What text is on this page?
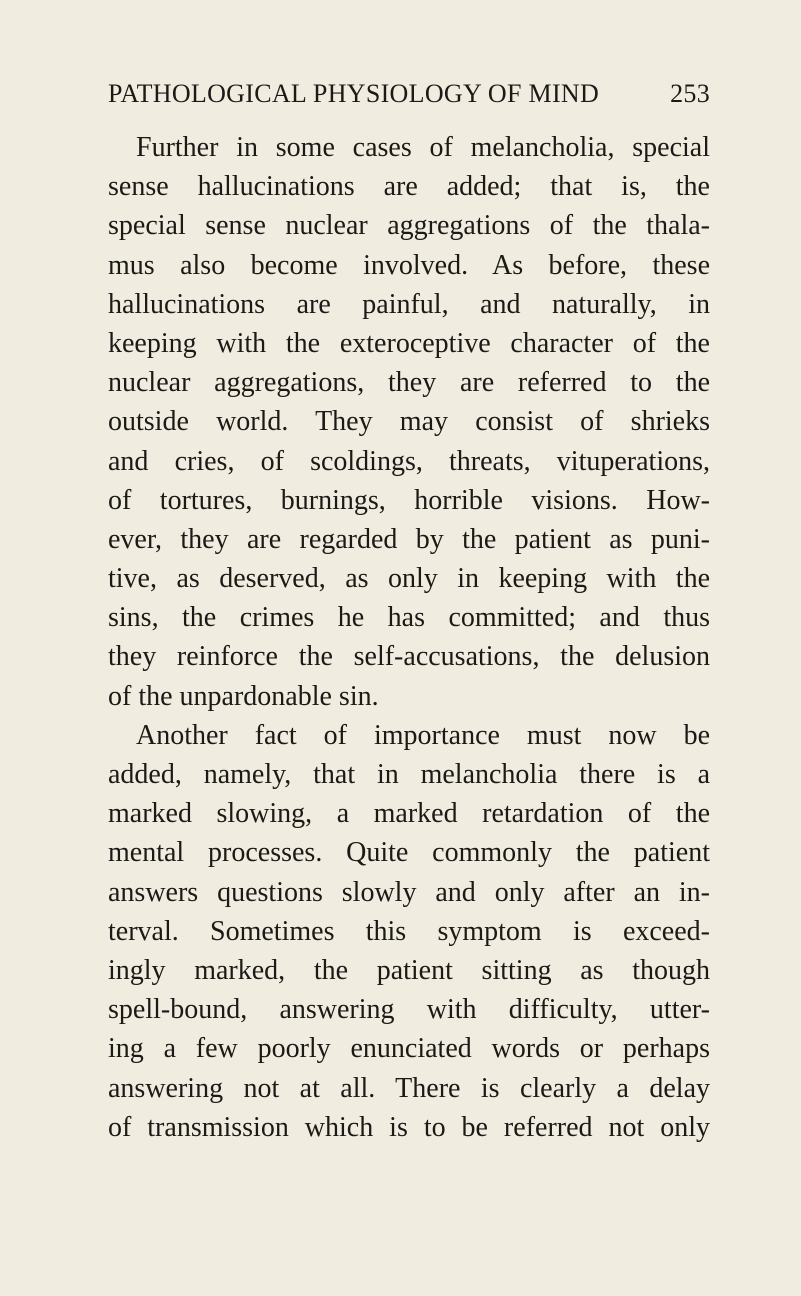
PATHOLOGICAL PHYSIOLOGY OF MIND	253
Further in some cases of melancholia, special
sense hallucinations are added; that is, the
special sense nuclear aggregations of the thala-
mus also become involved. As before, these
hallucinations are painful, and naturally, in
keeping with the exteroceptive character of the
nuclear aggregations, they are referred to the
outside world. They may consist of shrieks
and cries, of scoldings, threats, vituperations,
of tortures, burnings, horrible visions. How-
ever, they are regarded by the patient as puni-
tive, as deserved, as only in keeping with the
sins, the crimes he has committed; and thus
they reinforce the self-accusations, the delusion
of the unpardonable sin.
Another fact of importance must now be
added, namely, that in melancholia there is a
marked slowing, a marked retardation of the
mental processes. Quite commonly the patient
answers questions slowly and only after an in-
terval. Sometimes this symptom is exceed-
ingly marked, the patient sitting as though
spell-bound, answering with difficulty, utter-
ing a few poorly enunciated words or perhaps
answering not at all. There is clearly a delay
of transmission which is to be referred not only
